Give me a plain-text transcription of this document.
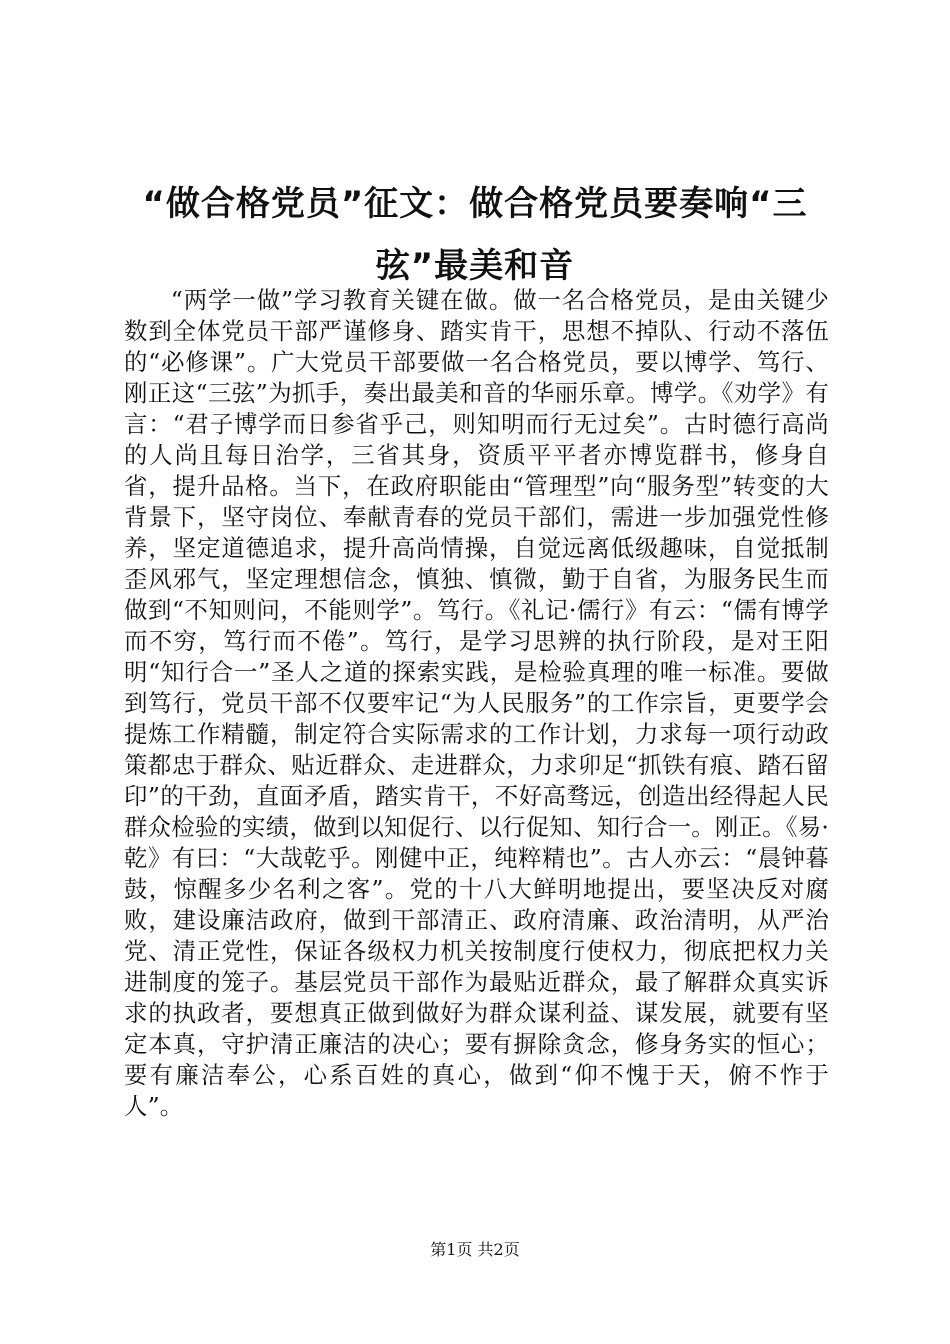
“做合格党员”征文：做合格党员要奏响“三弦”最美和音

“两学一做”学习教育关键在做。做一名合格党员，是由关键少数到全体党员干部严谨修身、踏实肯干，思想不掉队、行动不落伍的“必修课”。广大党员干部要做一名合格党员，要以博学、笃行、刚正这“三弦”为抓手，奏出最美和音的华丽乐章。博学。《劝学》有言：“君子博学而日参省乎己，则知明而行无过矣”。古时德行高尚的人尚且每日治学，三省其身，资质平平者亦博览群书，修身自省，提升品格。当下，在政府职能由“管理型”向“服务型”转变的大背景下，坚守岗位、奉献青春的党员干部们，需进一步加强党性修养，坚定道德追求，提升高尚情操，自觉远离低级趣味，自觉抵制歪风邪气，坚定理想信念，慎独、慎微，勤于自省，为服务民生而做到“不知则问，不能则学”。笃行。《礼记·儒行》有云：“儒有博学而不穷，笃行而不倦”。笃行，是学习思辨的执行阶段，是对王阳明“知行合一”圣人之道的探索实践，是检验真理的唯一标准。要做到笃行，党员干部不仅要牢记“为人民服务”的工作宗旨，更要学会提炼工作精髓，制定符合实际需求的工作计划，力求每一项行动政策都忠于群众、贴近群众、走进群众，力求卯足“抓铁有痕、踏石留印”的干劲，直面矛盾，踏实肯干，不好高骛远，创造出经得起人民群众检验的实绩，做到以知促行、以行促知、知行合一。刚正。《易·乾》有曰：“大哉乾乎。刚健中正，纯粹精也”。古人亦云：“晨钟暮鼓，惊醒多少名利之客”。党的十八大鲜明地提出，要坚决反对腐败，建设廉洁政府，做到干部清正、政府清廉、政治清明，从严治党、清正党性，保证各级权力机关按制度行使权力，彻底把权力关进制度的笼子。基层党员干部作为最贴近群众，最了解群众真实诉求的执政者，要想真正做到做好为群众谋利益、谋发展，就要有坚定本真，守护清正廉洁的决心；要有摒除贪念，修身务实的恒心；要有廉洁奉公，心系百姓的真心，做到“仰不愧于天，俯不怍于人”。

第1页 共2页
